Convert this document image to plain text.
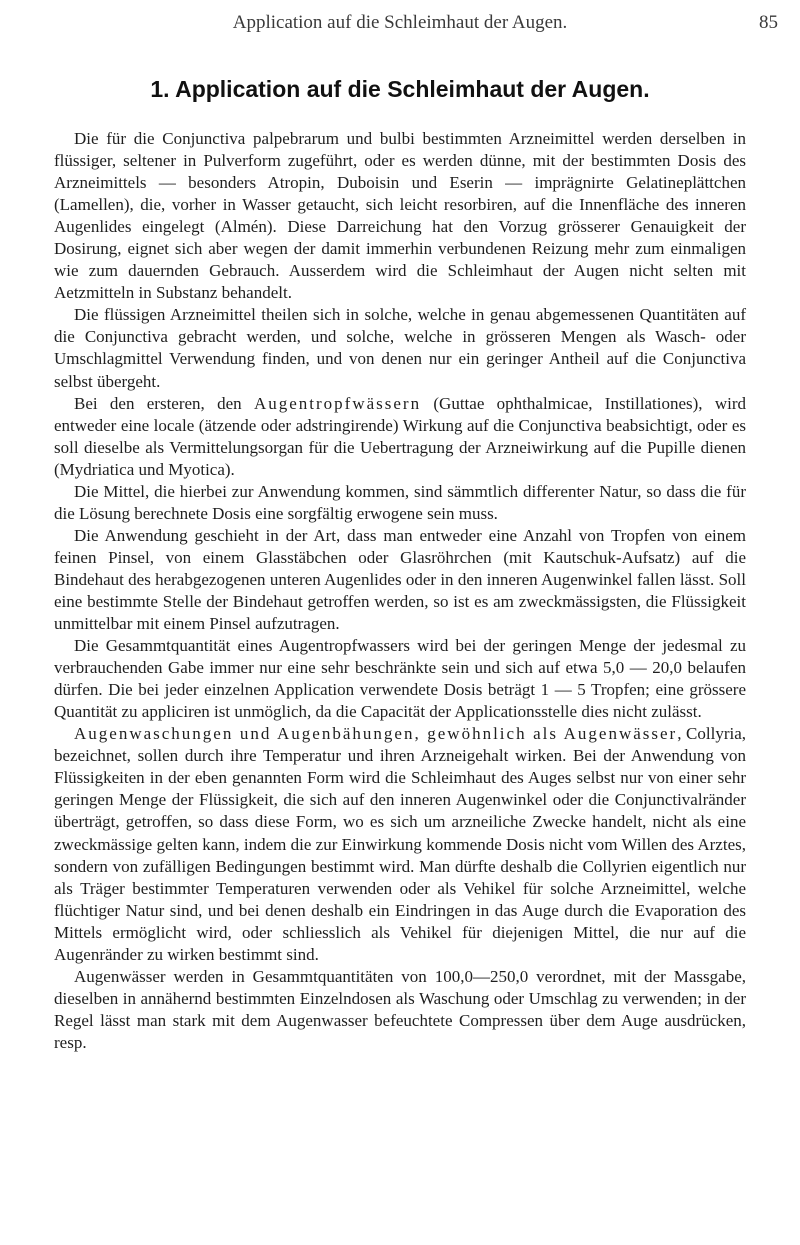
Application auf die Schleimhaut der Augen.	85
1. Application auf die Schleimhaut der Augen.

Die für die Conjunctiva palpebrarum und bulbi bestimmten Arzneimittel werden derselben in flüssiger, seltener in Pulverform zugeführt, oder es werden dünne, mit der bestimmten Dosis des Arzneimittels — besonders Atropin, Duboisin und Eserin — imprägnirte Gelatineplättchen (Lamellen), die, vorher in Wasser getaucht, sich leicht resorbiren, auf die Innenfläche des inneren Augenlides eingelegt (Almén). Diese Darreichung hat den Vorzug grösserer Genauigkeit der Dosirung, eignet sich aber wegen der damit immerhin verbundenen Reizung mehr zum einmaligen wie zum dauernden Gebrauch. Ausserdem wird die Schleimhaut der Augen nicht selten mit Aetzmitteln in Substanz behandelt.

Die flüssigen Arzneimittel theilen sich in solche, welche in genau abgemessenen Quantitäten auf die Conjunctiva gebracht werden, und solche, welche in grösseren Mengen als Wasch- oder Umschlagmittel Verwendung finden, und von denen nur ein geringer Antheil auf die Conjunctiva selbst übergeht.

Bei den ersteren, den Augentropfwässern (Guttae ophthalmicae, Instillationes), wird entweder eine locale (ätzende oder adstringirende) Wirkung auf die Conjunctiva beabsichtigt, oder es soll dieselbe als Vermittelungsorgan für die Uebertragung der Arzneiwirkung auf die Pupille dienen (Mydriatica und Myotica).

Die Mittel, die hierbei zur Anwendung kommen, sind sämmtlich differenter Natur, so dass die für die Lösung berechnete Dosis eine sorgfältig erwogene sein muss.

Die Anwendung geschieht in der Art, dass man entweder eine Anzahl von Tropfen von einem feinen Pinsel, von einem Glasstäbchen oder Glasröhrchen (mit Kautschuk-Aufsatz) auf die Bindehaut des herabgezogenen unteren Augenlides oder in den inneren Augenwinkel fallen lässt. Soll eine bestimmte Stelle der Bindehaut getroffen werden, so ist es am zweckmässigsten, die Flüssigkeit unmittelbar mit einem Pinsel aufzutragen.

Die Gesammtquantität eines Augentropfwassers wird bei der geringen Menge der jedesmal zu verbrauchenden Gabe immer nur eine sehr beschränkte sein und sich auf etwa 5,0 — 20,0 belaufen dürfen. Die bei jeder einzelnen Application verwendete Dosis beträgt 1 — 5 Tropfen; eine grössere Quantität zu appliciren ist unmöglich, da die Capacität der Applicationsstelle dies nicht zulässt.

Augenwaschungen und Augenbähungen, gewöhnlich als Augenwässer, Collyria, bezeichnet, sollen durch ihre Temperatur und ihren Arzneigehalt wirken. Bei der Anwendung von Flüssigkeiten in der eben genannten Form wird die Schleimhaut des Auges selbst nur von einer sehr geringen Menge der Flüssigkeit, die sich auf den inneren Augenwinkel oder die Conjunctivalränder überträgt, getroffen, so dass diese Form, wo es sich um arzneiliche Zwecke handelt, nicht als eine zweckmässige gelten kann, indem die zur Einwirkung kommende Dosis nicht vom Willen des Arztes, sondern von zufälligen Bedingungen bestimmt wird. Man dürfte deshalb die Collyrien eigentlich nur als Träger bestimmter Temperaturen verwenden oder als Vehikel für solche Arzneimittel, welche flüchtiger Natur sind, und bei denen deshalb ein Eindringen in das Auge durch die Evaporation des Mittels ermöglicht wird, oder schliesslich als Vehikel für diejenigen Mittel, die nur auf die Augenränder zu wirken bestimmt sind.

Augenwässer werden in Gesammtquantitäten von 100,0—250,0 verordnet, mit der Massgabe, dieselben in annähernd bestimmten Einzelndosen als Waschung oder Umschlag zu verwenden; in der Regel lässt man stark mit dem Augenwasser befeuchtete Compressen über dem Auge ausdrücken, resp.
